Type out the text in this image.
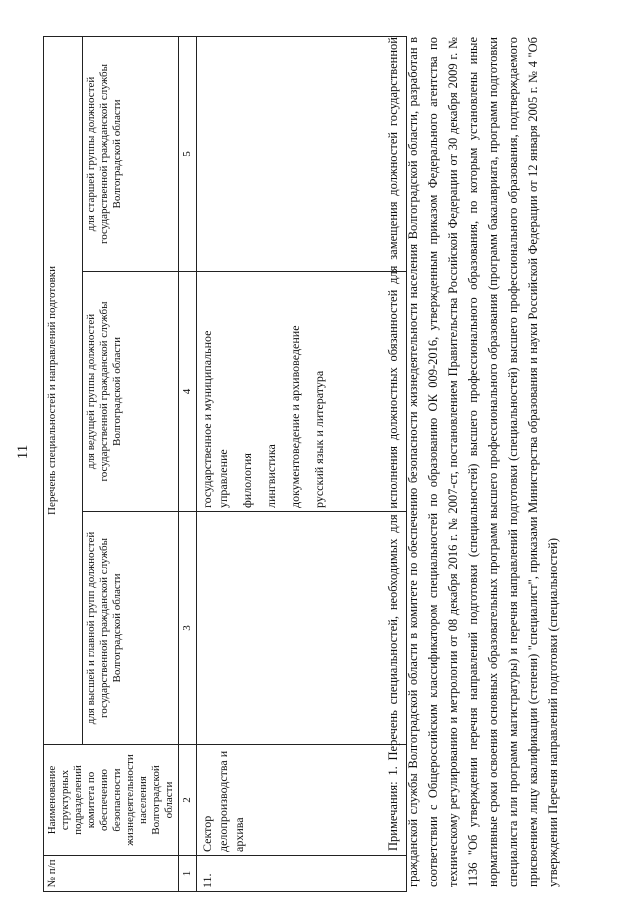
11
№ п/п	Наименование структурных подразделений комитета по обеспечению безопасности жизнедеятельности населения Волгоградской области	Перечень специальностей и направлений подготовки		
		для высшей и главной групп должностей государственной гражданской службы Волгоградской области	для ведущей группы должностей государственной гражданской службы Волгоградской области	для старшей группы должностей государственной гражданской службы Волгоградской области
1	2	3	4	5
11.	Сектор делопроизводства и архива		государственное и муниципальное управление филология лингвистика документоведение и архивоведение русский язык и литература	

		Примечания: 1. Перечень специальностей, необходимых для исполнения должностных обязанностей для замещения должностей государственной гражданской службы Волгоградской области в комитете по обеспечению безопасности жизнедеятельности населения Волгоградской области, разработан в соответствии с Общероссийским классификатором специальностей по образованию ОК 009-2016, утвержденным приказом Федерального агентства по техническому регулированию и метрологии от 08 декабря 2016 г. № 2007-ст, постановлением Правительства Российской Федерации от 30 декабря 2009 г. № 1136 "Об утверждении перечня направлений подготовки (специальностей) высшего профессионального образования, по которым установлены иные нормативные сроки освоения основных образовательных программ высшего профессионального образования (программ бакалавриата, программ подготовки специалиста или программ магистратуры) и перечня направлений подготовки (специальностей) высшего профессионального образования, подтверждаемого присвоением лицу квалификации (степени) "специалист", приказами Министерства образования и науки Российской Федерации от 12 января 2005 г. № 4 "Об утверждении Перечня направлений подготовки (специальностей)
